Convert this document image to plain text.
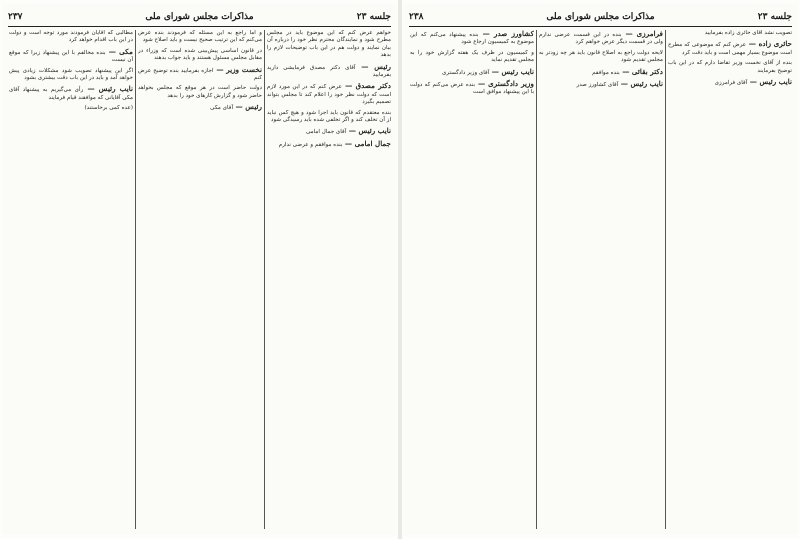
۲۳۷	مذاکرات مجلس شورای ملی	جلسه ۲۳

خواهم عرض کنم که این موضوع باید در مجلس مطرح شود و نمایندگان محترم نظر خود را درباره آن بیان نمایند و دولت هم در این باب توضیحات لازم را بدهد

رئیس — آقای دکتر مصدق فرمایشی دارید بفرمایید

دکتر مصدق — عرض کنم که در این مورد لازم است که دولت نظر خود را اعلام کند تا مجلس بتواند تصمیم بگیرد

بنده معتقدم که قانون باید اجرا شود و هیچ کس نباید از آن تخلف کند و اگر تخلفی شده باید رسیدگی شود

نایب رئیس — آقای جمال امامی

جمال امامی — بنده موافقم و عرضی ندارم

و اما راجع به این مسئله که فرمودند بنده عرض می‌کنم که این ترتیب صحیح نیست و باید اصلاح شود

در قانون اساسی پیش‌بینی شده است که وزراء در مقابل مجلس مسئول هستند و باید جواب بدهند

نخست وزیر — اجازه بفرمایید بنده توضیح عرض کنم

دولت حاضر است در هر موقع که مجلس بخواهد حاضر شود و گزارش کارهای خود را بدهد

رئیس — آقای مکی

مطالبی که آقایان فرمودند مورد توجه است و دولت در این باب اقدام خواهد کرد

مکی — بنده مخالفم با این پیشنهاد زیرا که موقع آن نیست

اگر این پیشنهاد تصویب شود مشکلات زیادی پیش خواهد آمد و باید در این باب دقت بیشتری بشود

نایب رئیس — رأی می‌گیریم به پیشنهاد آقای مکی آقایانی که موافقند قیام فرمایند

(عده کمی برخاستند)

۲۳۸	مذاکرات مجلس شورای ملی	جلسه ۲۳

تصویب نشد آقای حائری زاده بفرمایید

حائری زاده — عرض کنم که موضوعی که مطرح است موضوع بسیار مهمی است و باید دقت کرد

بنده از آقای نخست وزیر تقاضا دارم که در این باب توضیح بفرمایند

نایب رئیس — آقای فرامرزی

فرامرزی — بنده در این قسمت عرضی ندارم ولی در قسمت دیگر عرض خواهم کرد

لایحه دولت راجع به اصلاح قانون باید هر چه زودتر به مجلس تقدیم شود

دکتر بقائی — بنده موافقم

نایب رئیس — آقای کشاورز صدر

کشاورز صدر — بنده پیشنهاد می‌کنم که این موضوع به کمیسیون ارجاع شود

و کمیسیون در ظرف یک هفته گزارش خود را به مجلس تقدیم نماید

نایب رئیس — آقای وزیر دادگستری

وزیر دادگستری — بنده عرض می‌کنم که دولت با این پیشنهاد موافق است
